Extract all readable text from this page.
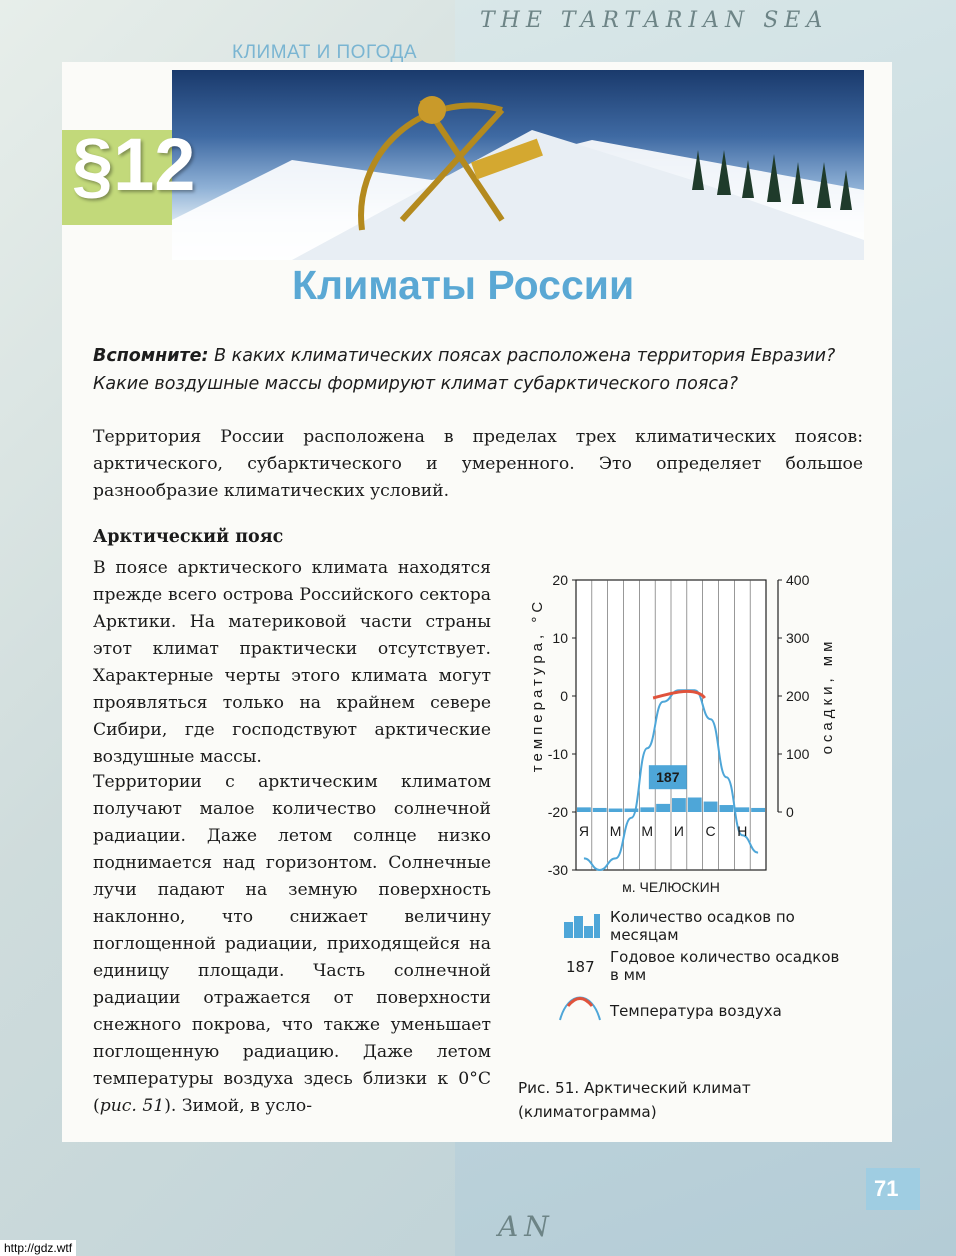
THE TARTARIAN SEA
AN
КЛИМАТ И ПОГОДА
§12
Климаты России
Вспомните: В каких климатических поясах расположена территория Евразии? Какие воздушные массы формируют климат субарктического пояса?
Территория России расположена в пределах трех климатических поясов: арктического, субарктического и умеренного. Это определяет большое разнообразие климатических условий.
Арктический пояс
В поясе арктического климата находятся прежде всего острова Российского сектора Арктики. На материковой части страны этот климат практически отсутствует. Характерные черты этого климата могут проявляться только на крайнем севере Сибири, где господствуют арктические воздушные массы.
Территории с арктическим климатом получают малое количество солнечной радиации. Даже летом солнце низко поднимается над горизонтом. Солнечные лучи падают на земную поверхность наклонно, что снижает величину поглощенной радиации, приходящейся на единицу площади. Часть солнечной радиации отражается от поверхности снежного покрова, что также уменьшает поглощенную радиацию. Даже летом температуры воздуха здесь близки к 0°С (рис. 51). Зимой, в усло-
20
10
0
-10
-20
-30
400
300
200
100
0
температура, °С	осадки, мм
187
Я М М И С Н
м. ЧЕЛЮСКИН
Количество осадков по месяцам
187
Годовое количество осадков в мм
Температура воздуха
Рис. 51. Арктический климат
(климатограмма)
71
http://gdz.wtf
